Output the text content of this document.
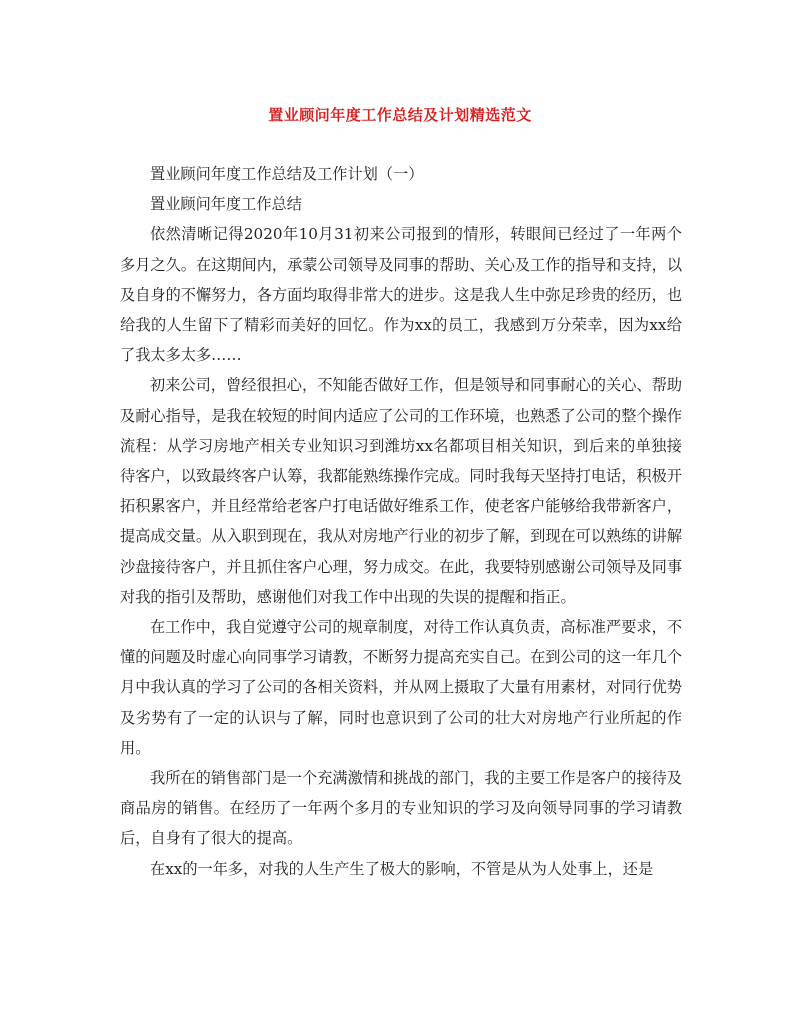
置业顾问年度工作总结及计划精选范文

置业顾问年度工作总结及工作计划（一）

置业顾问年度工作总结

依然清晰记得2020年10月31初来公司报到的情形，转眼间已经过了一年两个多月之久。在这期间内，承蒙公司领导及同事的帮助、关心及工作的指导和支持，以及自身的不懈努力，各方面均取得非常大的进步。这是我人生中弥足珍贵的经历，也给我的人生留下了精彩而美好的回忆。作为xx的员工，我感到万分荣幸，因为xx给了我太多太多……

初来公司，曾经很担心，不知能否做好工作，但是领导和同事耐心的关心、帮助及耐心指导，是我在较短的时间内适应了公司的工作环境，也熟悉了公司的整个操作流程：从学习房地产相关专业知识习到潍坊xx名都项目相关知识，到后来的单独接待客户，以致最终客户认筹，我都能熟练操作完成。同时我每天坚持打电话，积极开拓积累客户，并且经常给老客户打电话做好维系工作，使老客户能够给我带新客户，提高成交量。从入职到现在，我从对房地产行业的初步了解，到现在可以熟练的讲解沙盘接待客户，并且抓住客户心理，努力成交。在此，我要特别感谢公司领导及同事对我的指引及帮助，感谢他们对我工作中出现的失误的提醒和指正。

在工作中，我自觉遵守公司的规章制度，对待工作认真负责，高标准严要求，不懂的问题及时虚心向同事学习请教，不断努力提高充实自己。在到公司的这一年几个月中我认真的学习了公司的各相关资料，并从网上摄取了大量有用素材，对同行优势及劣势有了一定的认识与了解，同时也意识到了公司的壮大对房地产行业所起的作用。

我所在的销售部门是一个充满激情和挑战的部门，我的主要工作是客户的接待及商品房的销售。在经历了一年两个多月的专业知识的学习及向领导同事的学习请教后，自身有了很大的提高。

在xx的一年多，对我的人生产生了极大的影响，不管是从为人处事上，还是
